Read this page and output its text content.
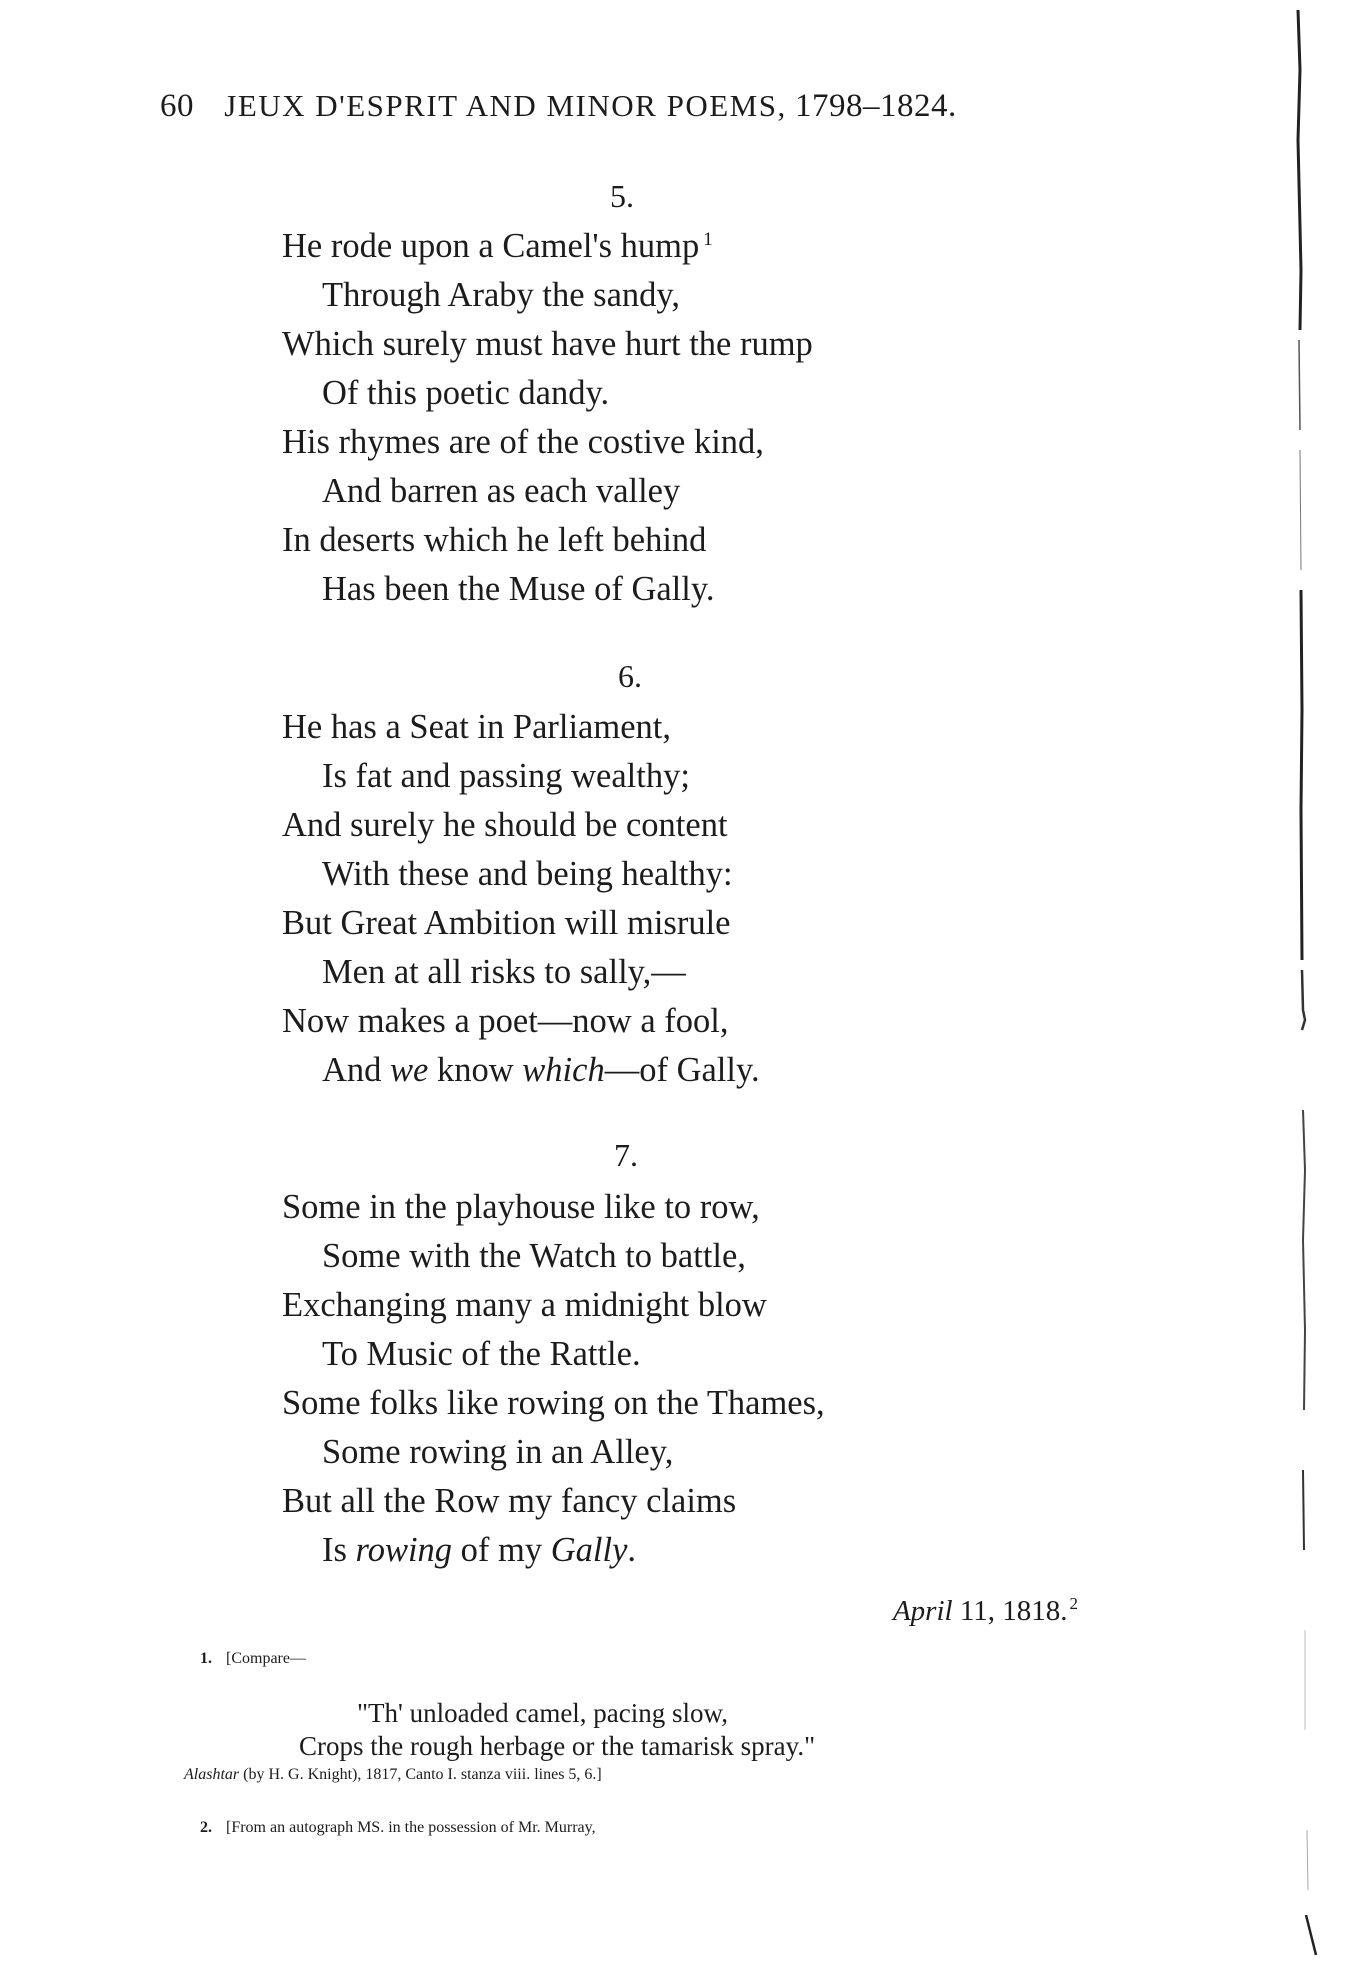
60 JEUX D'ESPRIT AND MINOR POEMS, 1798–1824.
5.
He rode upon a Camel's hump $^1$
Through Araby the sandy,
Which surely must have hurt the rump
Of this poetic dandy.
His rhymes are of the costive kind,
And barren as each valley
In deserts which he left behind
Has been the Muse of Gally.
6.
He has a Seat in Parliament,
Is fat and passing wealthy;
And surely he should be content
With these and being healthy:
But Great Ambition will misrule
Men at all risks to sally,—
Now makes a poet—now a fool,
And we know which—of Gally.
7.
Some in the playhouse like to row,
Some with the Watch to battle,
Exchanging many a midnight blow
To Music of the Rattle.
Some folks like rowing on the Thames,
Some rowing in an Alley,
But all the Row my fancy claims
Is rowing of my Gally.
April 11, 1818. $^2$
1. [Compare—
"Th' unloaded camel, pacing slow,
Crops the rough herbage or the tamarisk spray."
Alashtar (by H. G. Knight), 1817, Canto I. stanza viii. lines 5, 6.]
2. [From an autograph MS. in the possession of Mr. Murray,
